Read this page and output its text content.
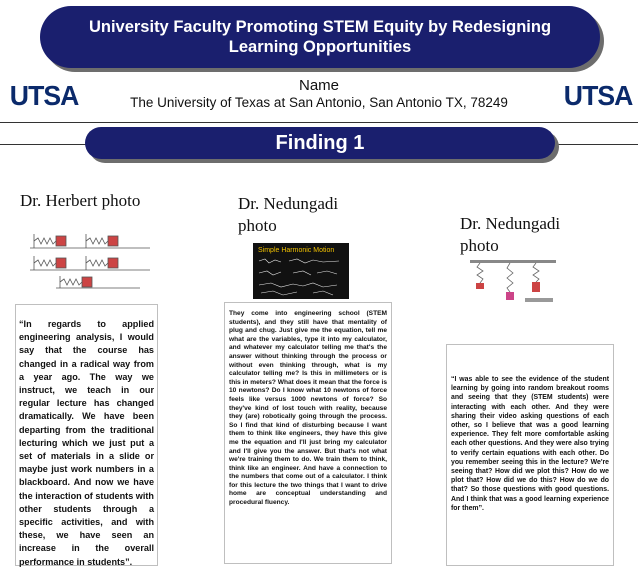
University Faculty Promoting STEM Equity by Redesigning Learning Opportunities
UTSA	UTSA
Name
The University of Texas at San Antonio, San Antonio TX, 78249
Finding 1
Dr. Herbert photo
“In regards to applied engineering analysis, I would say that the course has changed in a radical way from a year ago. The way we instruct, we teach in our regular lecture has changed dramatically. We have been departing from the traditional lecturing which we just put a set of materials in a slide or maybe just work numbers in a blackboard. And now we have the interaction of students with other students through a specific activities, and with these, we have seen an increase in the overall performance in students”.
Dr. Nedungadi photo
Simple Harmonic Motion
They come into engineering school (STEM students), and they still have that mentality of plug and chug. Just give me the equation, tell me what are the variables, type it into my calculator, and whatever my calculator telling me that's the answer without thinking through the process or without even thinking through, what is my calculator telling me? Is this in millimeters or is this in meters? What does it mean that the force is 10 newtons? Do I know what 10 newtons of force feels like versus 1000 newtons of force? So they've kind of lost touch with reality, because they (are) robotically going through the process. So I find that kind of disturbing because I want them to think like engineers, they have this give me the equation and I'll just bring my calculator and I'll give you the answer. But that's not what we're training them to do. We train them to think, think like an engineer. And have a connection to the numbers that come out of a calculator. I think for this lecture the two things that I want to drive home are conceptual understanding and procedural fluency.
Dr. Nedungadi photo
“I was able to see the evidence of the student learning by going into random breakout rooms and seeing that they (STEM students) were interacting with each other. And they were sharing their video asking questions of each other, so I believe that was a good learning experience. They felt more comfortable asking each other questions. And they were also trying to verify certain equations with each other. Do you remember seeing this in the lecture? We're seeing that? How did we plot this? How do we plot that? How did we do this? How do we do that? So those questions with good questions. And I think that was a good learning experience for them”.
